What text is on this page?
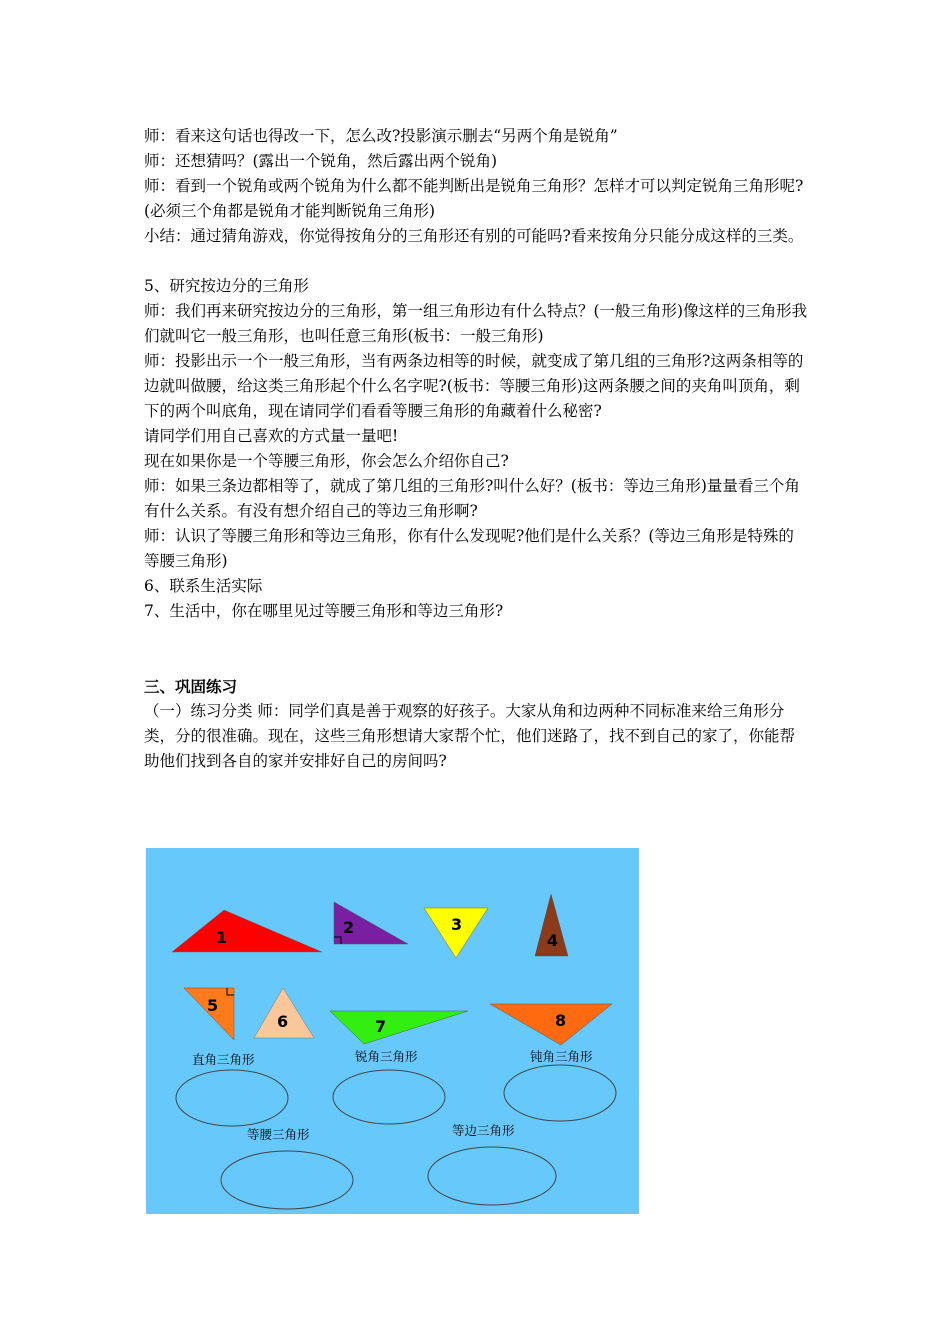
师：看来这句话也得改一下，怎么改?投影演示删去“另两个角是锐角”

师：还想猜吗？(露出一个锐角，然后露出两个锐角)

师：看到一个锐角或两个锐角为什么都不能判断出是锐角三角形？怎样才可以判定锐角三角形呢?(必须三个角都是锐角才能判断锐角三角形)

小结：通过猜角游戏，你觉得按角分的三角形还有别的可能吗?看来按角分只能分成这样的三类。

5、研究按边分的三角形

师：我们再来研究按边分的三角形，第一组三角形边有什么特点？(一般三角形)像这样的三角形我们就叫它一般三角形，也叫任意三角形(板书：一般三角形)

师：投影出示一个一般三角形，当有两条边相等的时候，就变成了第几组的三角形?这两条相等的边就叫做腰，给这类三角形起个什么名字呢?(板书：等腰三角形)这两条腰之间的夹角叫顶角，剩下的两个叫底角，现在请同学们看看等腰三角形的角藏着什么秘密?

请同学们用自己喜欢的方式量一量吧!

现在如果你是一个等腰三角形，你会怎么介绍你自己?

师：如果三条边都相等了，就成了第几组的三角形?叫什么好？(板书：等边三角形)量量看三个角有什么关系。有没有想介绍自己的等边三角形啊?

师：认识了等腰三角形和等边三角形，你有什么发现呢?他们是什么关系？(等边三角形是特殊的等腰三角形)

6、联系生活实际

7、生活中，你在哪里见过等腰三角形和等边三角形?

三、巩固练习

（一）练习分类 师：同学们真是善于观察的好孩子。大家从角和边两种不同标准来给三角形分类，分的很准确。现在，这些三角形想请大家帮个忙，他们迷路了，找不到自己的家了，你能帮助他们找到各自的家并安排好自己的房间吗?

1
2	3
4
5
6	7	8
直角三角形	锐角三角形	钝角三角形
等腰三角形	等边三角形
